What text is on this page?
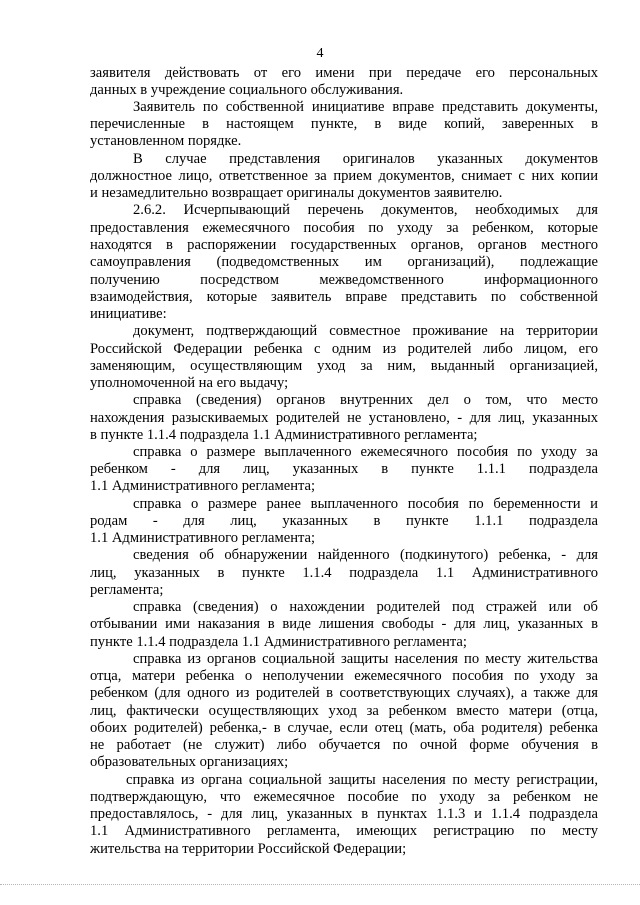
4
заявителя действовать от его имени при передаче его персональных
данных в учреждение социального обслуживания.
Заявитель по собственной инициативе вправе представить документы,
перечисленные в настоящем пункте, в виде копий, заверенных в
установленном порядке.
В случае представления оригиналов указанных документов
должностное лицо, ответственное за прием документов, снимает с них копии
и незамедлительно возвращает оригиналы документов заявителю.
2.6.2. Исчерпывающий перечень документов, необходимых для
предоставления ежемесячного пособия по уходу за ребенком, которые
находятся в распоряжении государственных органов, органов местного
самоуправления (подведомственных им организаций), подлежащие
получению посредством межведомственного информационного
взаимодействия, которые заявитель вправе представить по собственной
инициативе:
документ, подтверждающий совместное проживание на территории
Российской Федерации ребенка с одним из родителей либо лицом, его
заменяющим, осуществляющим уход за ним, выданный организацией,
уполномоченной на его выдачу;
справка (сведения) органов внутренних дел о том, что место
нахождения разыскиваемых родителей не установлено, - для лиц, указанных
в пункте 1.1.4 подраздела 1.1 Административного регламента;
справка о размере выплаченного ежемесячного пособия по уходу за
ребенком - для лиц, указанных в пункте 1.1.1 подраздела
1.1 Административного регламента;
справка о размере ранее выплаченного пособия по беременности и
родам - для лиц, указанных в пункте 1.1.1 подраздела
1.1 Административного регламента;
сведения об обнаружении найденного (подкинутого) ребенка, - для
лиц, указанных в пункте 1.1.4 подраздела 1.1 Административного
регламента;
справка (сведения) о нахождении родителей под стражей или об
отбывании ими наказания в виде лишения свободы - для лиц, указанных в
пункте 1.1.4 подраздела 1.1 Административного регламента;
справка из органов социальной защиты населения по месту жительства
отца, матери ребенка о неполучении ежемесячного пособия по уходу за
ребенком (для одного из родителей в соответствующих случаях), а также для
лиц, фактически осуществляющих уход за ребенком вместо матери (отца,
обоих родителей) ребенка,- в случае, если отец (мать, оба родителя) ребенка
не работает (не служит) либо обучается по очной форме обучения в
образовательных организациях;
справка из органа социальной защиты населения по месту регистрации,
подтверждающую, что ежемесячное пособие по уходу за ребенком не
предоставлялось, - для лиц, указанных в пунктах 1.1.3 и 1.1.4 подраздела
1.1 Административного регламента, имеющих регистрацию по месту
жительства на территории Российской Федерации;
